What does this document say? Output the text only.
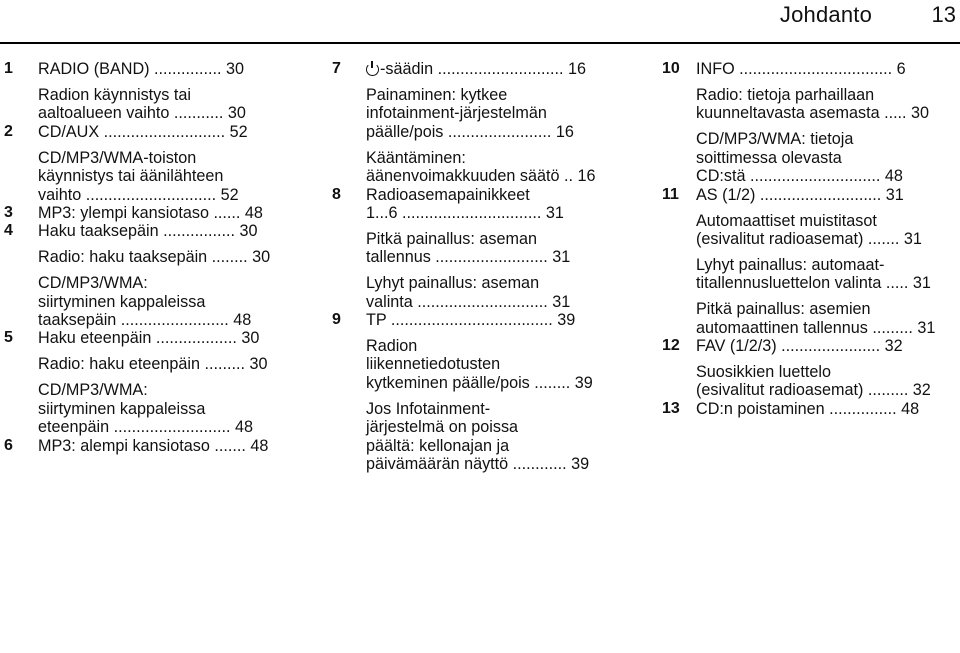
Johdanto	13
1	RADIO (BAND) ............... 30
Radion käynnistys tai
aaltoalueen vaihto ........... 30
2	CD/AUX ........................... 52
CD/MP3/WMA-toiston
käynnistys tai äänilähteen
vaihto ............................. 52
3	MP3: ylempi kansiotaso ...... 48
4	Haku taaksepäin ................ 30
Radio: haku taaksepäin ........ 30
CD/MP3/WMA:
siirtyminen kappaleissa
taaksepäin ........................ 48
5	Haku eteenpäin .................. 30
Radio: haku eteenpäin ......... 30
CD/MP3/WMA:
siirtyminen kappaleissa
eteenpäin .......................... 48
6	MP3: alempi kansiotaso ....... 48
7	-säädin ............................ 16
Painaminen: kytkee
infotainment-järjestelmän
päälle/pois ....................... 16
Kääntäminen:
äänenvoimakkuuden säätö .. 16
8	Radioasemapainikkeet
1...6 ............................... 31
Pitkä painallus: aseman
tallennus ......................... 31
Lyhyt painallus: aseman
valinta ............................. 31
9	TP .................................... 39
Radion
liikennetiedotusten
kytkeminen päälle/pois ........ 39
Jos Infotainment-
järjestelmä on poissa
päältä: kellonajan ja
päivämäärän näyttö ............ 39
10	INFO .................................. 6
Radio: tietoja parhaillaan
kuunneltavasta asemasta ..... 30
CD/MP3/WMA: tietoja
soittimessa olevasta
CD:stä ............................. 48
11	AS (1/2) ........................... 31
Automaattiset muistitasot
(esivalitut radioasemat) ....... 31
Lyhyt painallus: automaat-
titallennusluettelon valinta ..... 31
Pitkä painallus: asemien
automaattinen tallennus ......... 31
12	FAV (1/2/3) ...................... 32
Suosikkien luettelo
(esivalitut radioasemat) ......... 32
13	CD:n poistaminen ............... 48
